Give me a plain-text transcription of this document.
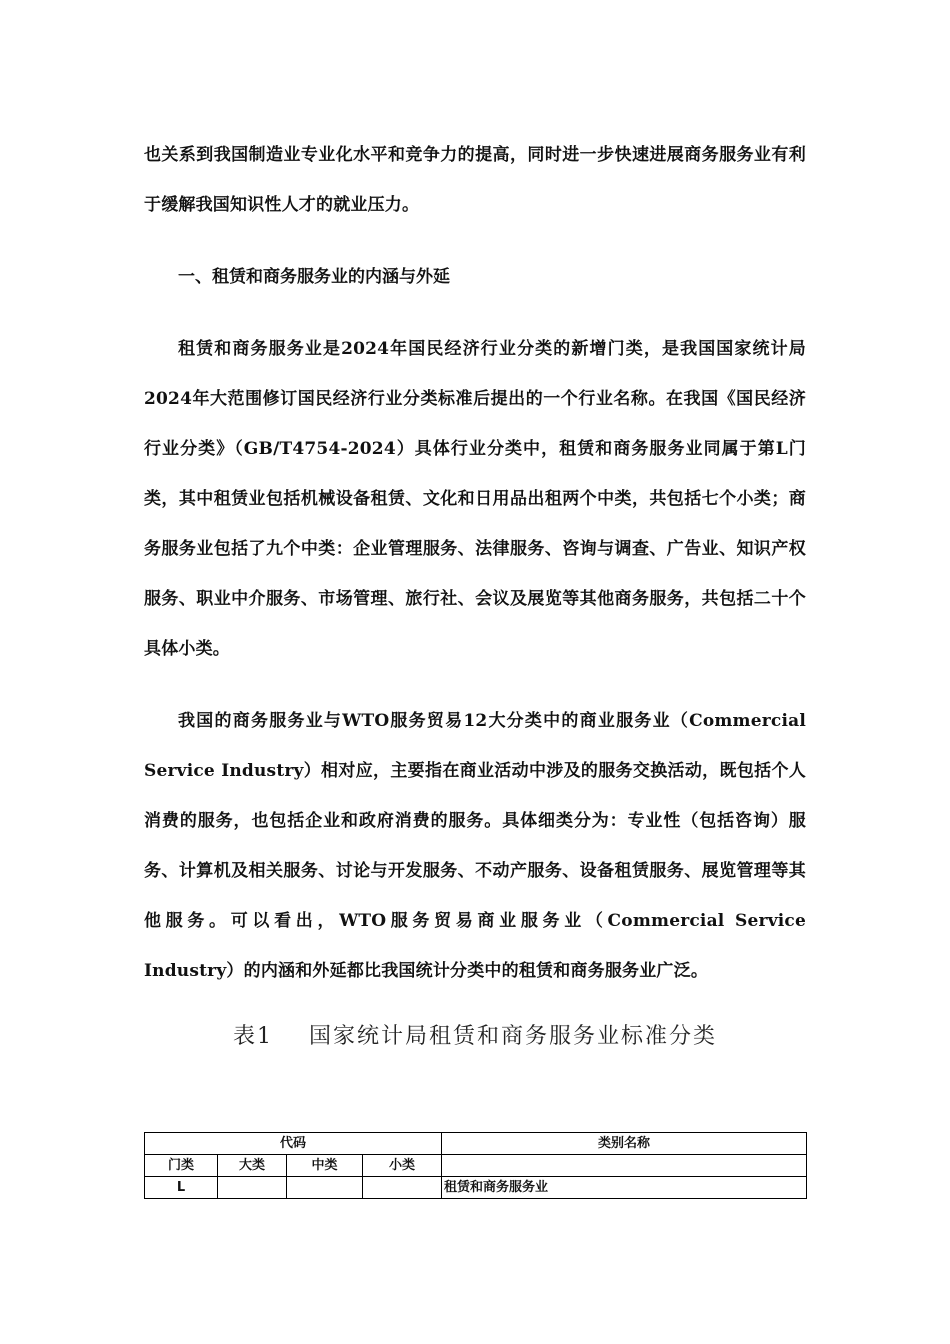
也关系到我国制造业专业化水平和竞争力的提高，同时进一步快速进展商务服务业有利于缓解我国知识性人才的就业压力。

一、租赁和商务服务业的内涵与外延

租赁和商务服务业是2024年国民经济行业分类的新增门类，是我国国家统计局2024年大范围修订国民经济行业分类标准后提出的一个行业名称。在我国《国民经济行业分类》（GB/T4754-2024）具体行业分类中，租赁和商务服务业同属于第L门类，其中租赁业包括机械设备租赁、文化和日用品出租两个中类，共包括七个小类；商务服务业包括了九个中类：企业管理服务、法律服务、咨询与调查、广告业、知识产权服务、职业中介服务、市场管理、旅行社、会议及展览等其他商务服务，共包括二十个具体小类。

我国的商务服务业与WTO服务贸易12大分类中的商业服务业（Commercial Service Industry）相对应，主要指在商业活动中涉及的服务交换活动，既包括个人消费的服务，也包括企业和政府消费的服务。具体细类分为：专业性（包括咨询）服务、计算机及相关服务、讨论与开发服务、不动产服务、设备租赁服务、展览管理等其他服务。可以看出，WTO服务贸易商业服务业（Commercial Service Industry）的内涵和外延都比我国统计分类中的租赁和商务服务业广泛。

表1 国家统计局租赁和商务服务业标准分类

代码				类别名称
门类	大类	中类	小类	
L				租赁和商务服务业
